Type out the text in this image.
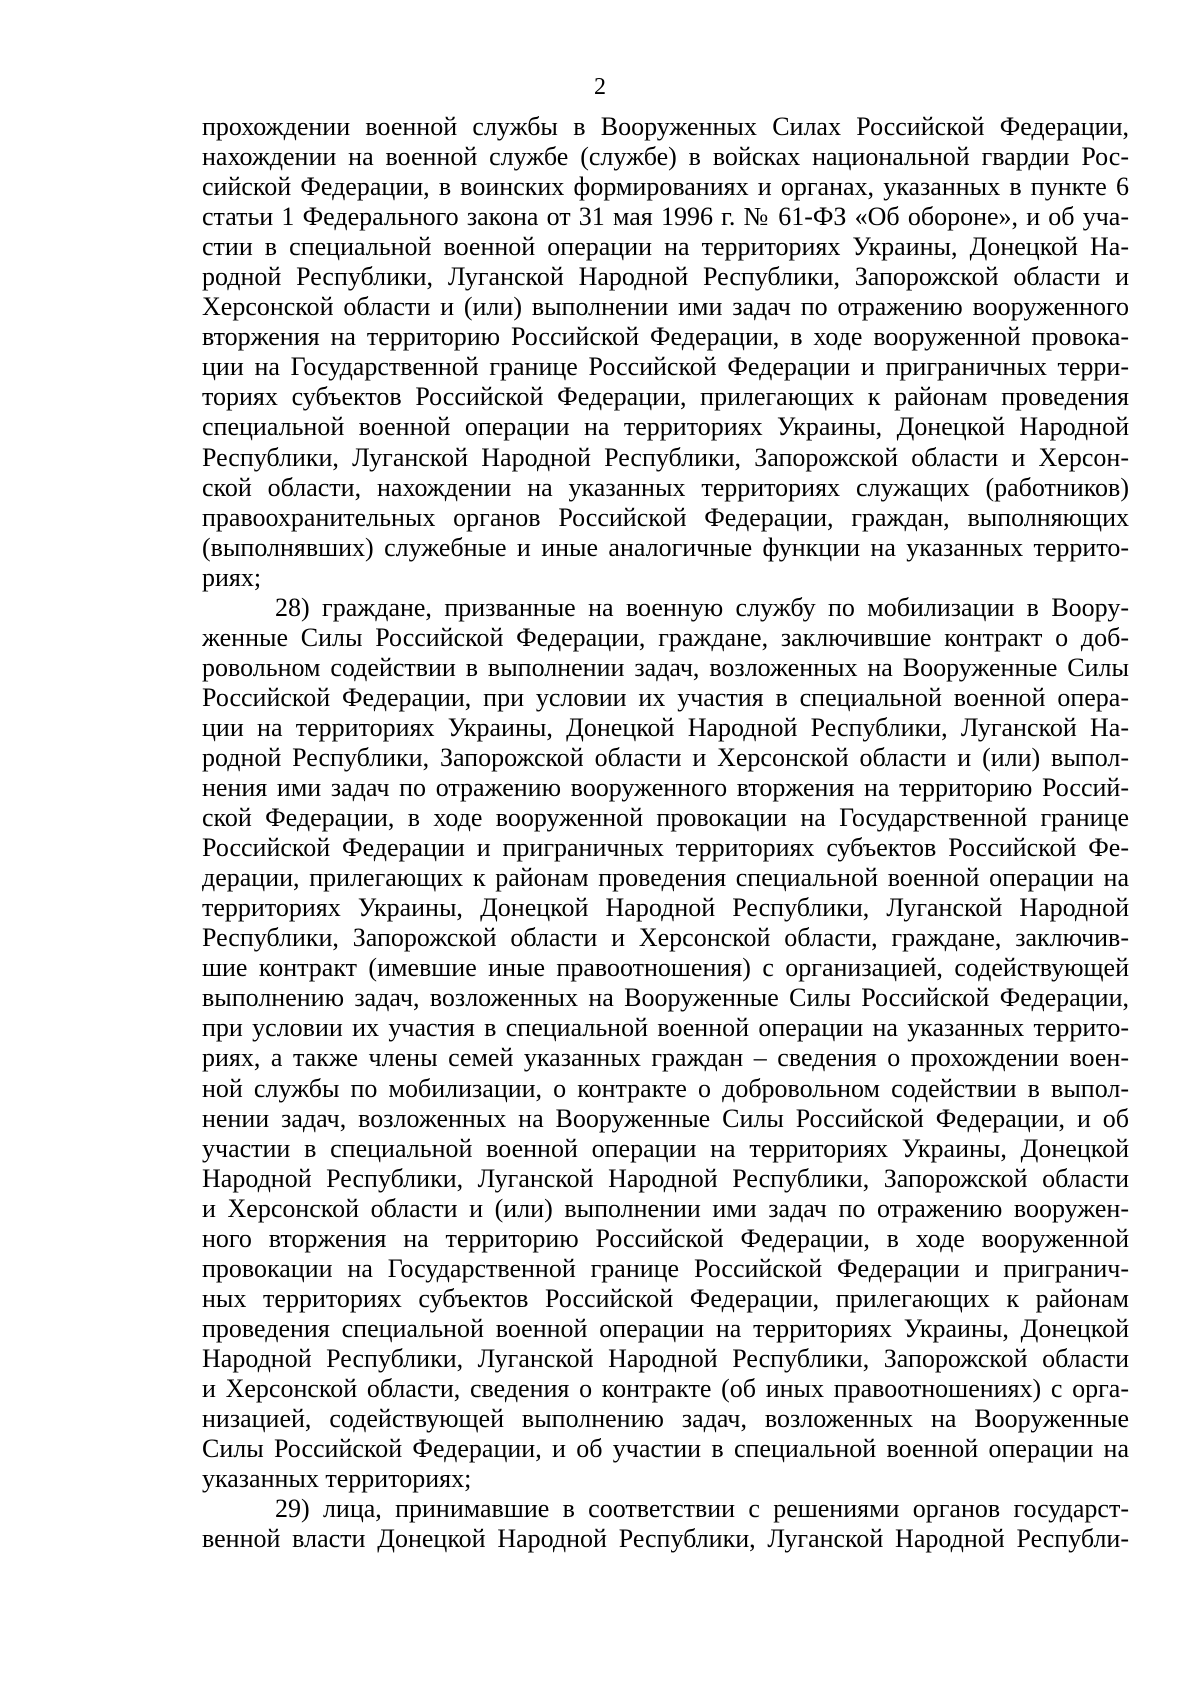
2
прохождении военной службы в Вооруженных Силах Российской Федерации,
нахождении на военной службе (службе) в войсках национальной гвардии Рос-
сийской Федерации, в воинских формированиях и органах, указанных в пункте 6
статьи 1 Федерального закона от 31 мая 1996 г. № 61-ФЗ «Об обороне», и об уча-
стии в специальной военной операции на территориях Украины, Донецкой На-
родной Республики, Луганской Народной Республики, Запорожской области и
Херсонской области и (или) выполнении ими задач по отражению вооруженного
вторжения на территорию Российской Федерации, в ходе вооруженной провока-
ции на Государственной границе Российской Федерации и приграничных терри-
ториях субъектов Российской Федерации, прилегающих к районам проведения
специальной военной операции на территориях Украины, Донецкой Народной
Республики, Луганской Народной Республики, Запорожской области и Херсон-
ской области, нахождении на указанных территориях служащих (работников)
правоохранительных органов Российской Федерации, граждан, выполняющих
(выполнявших) служебные и иные аналогичные функции на указанных террито-
риях;
28) граждане, призванные на военную службу по мобилизации в Воору-
женные Силы Российской Федерации, граждане, заключившие контракт о доб-
ровольном содействии в выполнении задач, возложенных на Вооруженные Силы
Российской Федерации, при условии их участия в специальной военной опера-
ции на территориях Украины, Донецкой Народной Республики, Луганской На-
родной Республики, Запорожской области и Херсонской области и (или) выпол-
нения ими задач по отражению вооруженного вторжения на территорию Россий-
ской Федерации, в ходе вооруженной провокации на Государственной границе
Российской Федерации и приграничных территориях субъектов Российской Фе-
дерации, прилегающих к районам проведения специальной военной операции на
территориях Украины, Донецкой Народной Республики, Луганской Народной
Республики, Запорожской области и Херсонской области, граждане, заключив-
шие контракт (имевшие иные правоотношения) с организацией, содействующей
выполнению задач, возложенных на Вооруженные Силы Российской Федерации,
при условии их участия в специальной военной операции на указанных террито-
риях, а также члены семей указанных граждан – сведения о прохождении воен-
ной службы по мобилизации, о контракте о добровольном содействии в выпол-
нении задач, возложенных на Вооруженные Силы Российской Федерации, и об
участии в специальной военной операции на территориях Украины, Донецкой
Народной Республики, Луганской Народной Республики, Запорожской области
и Херсонской области и (или) выполнении ими задач по отражению вооружен-
ного вторжения на территорию Российской Федерации, в ходе вооруженной
провокации на Государственной границе Российской Федерации и пригранич-
ных территориях субъектов Российской Федерации, прилегающих к районам
проведения специальной военной операции на территориях Украины, Донецкой
Народной Республики, Луганской Народной Республики, Запорожской области
и Херсонской области, сведения о контракте (об иных правоотношениях) с орга-
низацией, содействующей выполнению задач, возложенных на Вооруженные
Силы Российской Федерации, и об участии в специальной военной операции на
указанных территориях;
29) лица, принимавшие в соответствии с решениями органов государст-
венной власти Донецкой Народной Республики, Луганской Народной Республи-
